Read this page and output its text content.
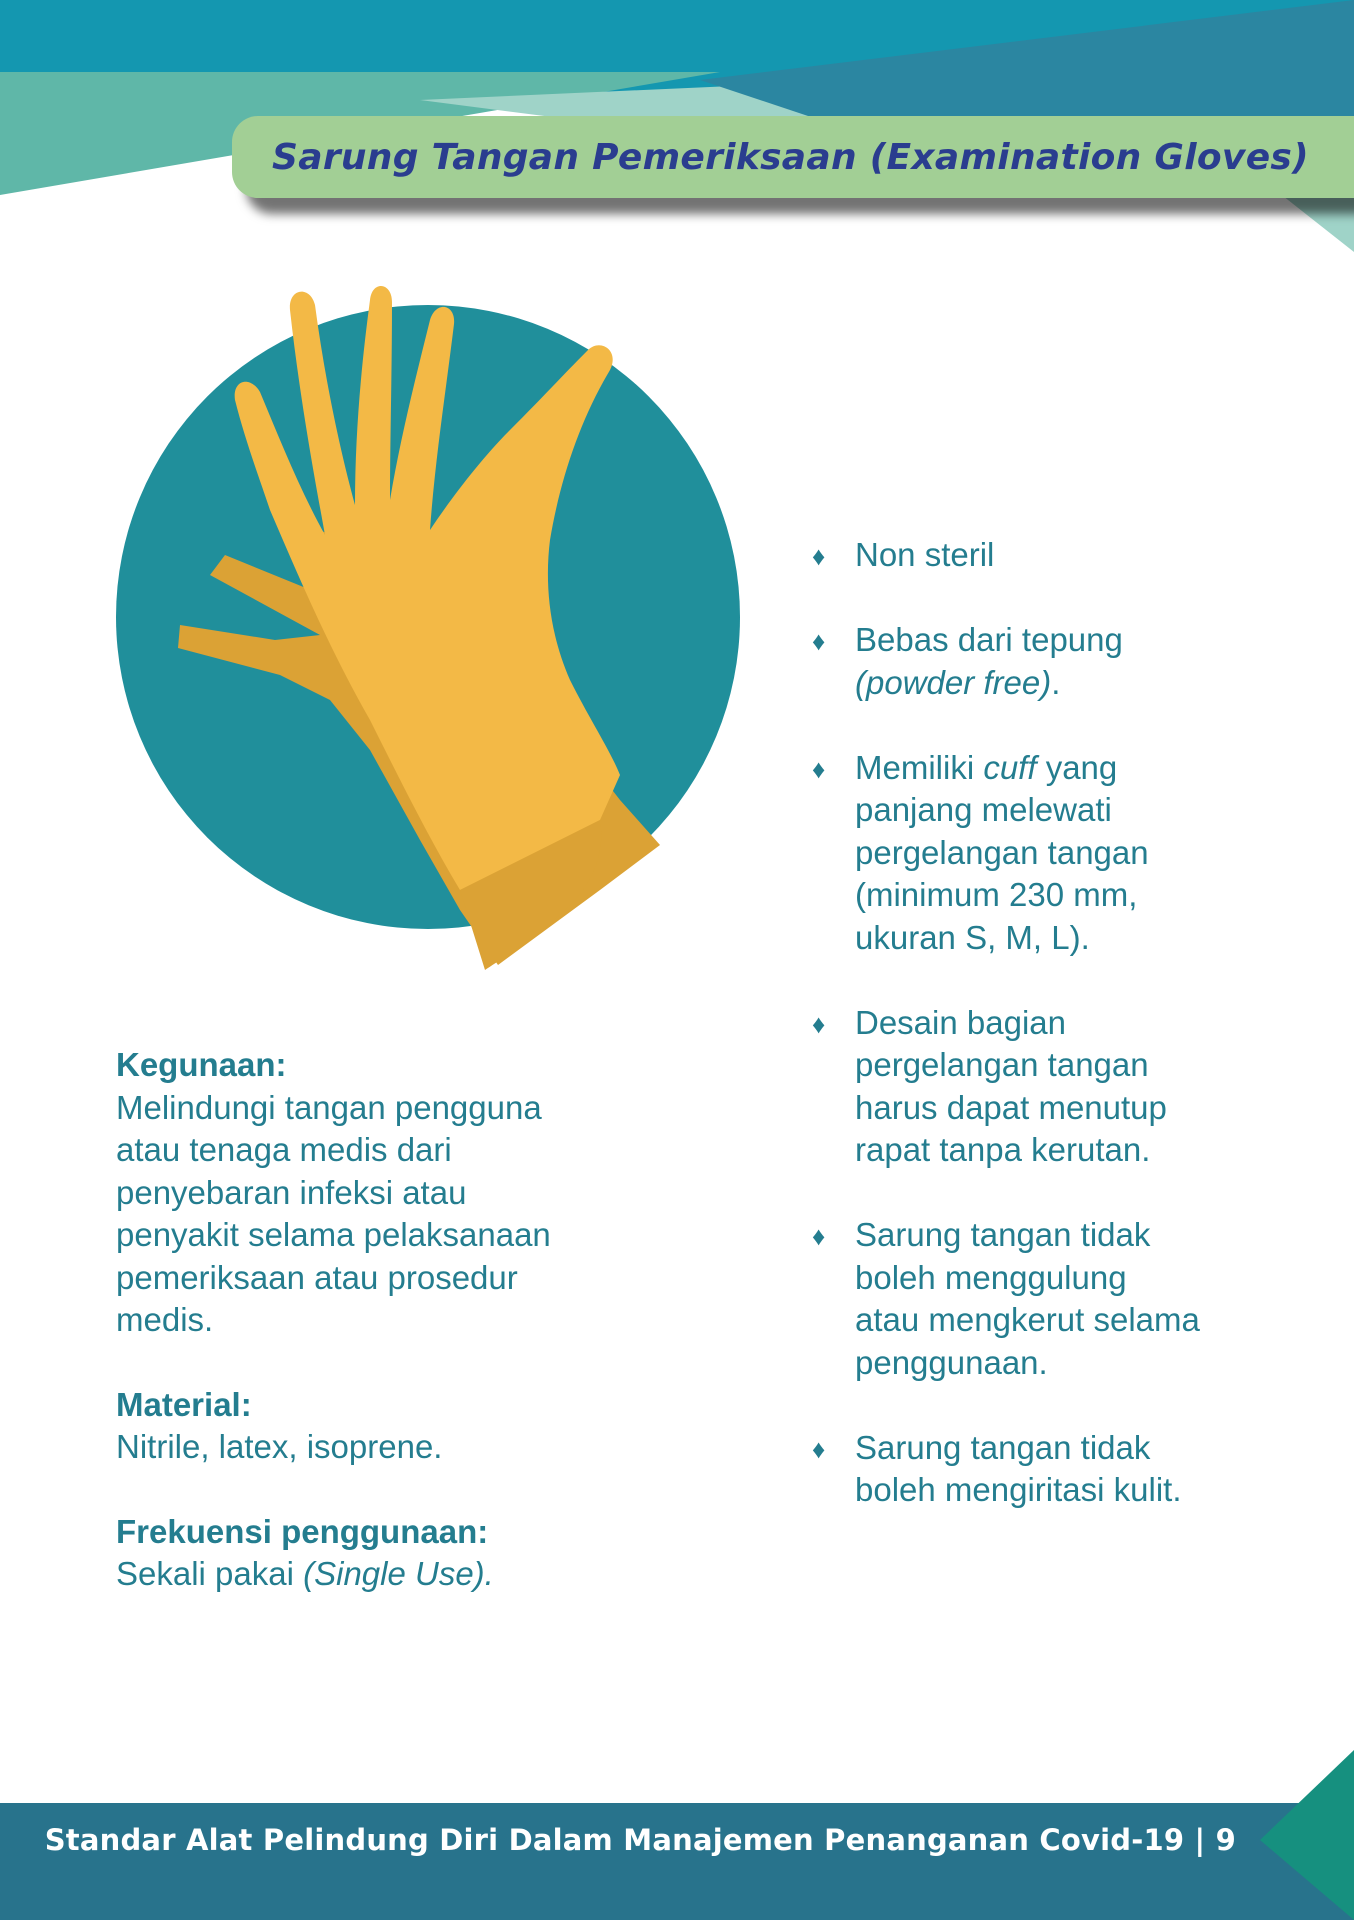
Sarung Tangan Pemeriksaan (Examination Gloves)
Kegunaan:
Melindungi tangan pengguna
atau tenaga medis dari
penyebaran infeksi atau
penyakit selama pelaksanaan
pemeriksaan atau prosedur
medis.
Material:
Nitrile, latex, isoprene.
Frekuensi penggunaan:
Sekali pakai (Single Use).
♦ Non steril
♦ Bebas dari tepung
(powder free).
♦ Memiliki cuff yang
panjang melewati
pergelangan tangan
(minimum 230 mm,
ukuran S, M, L).
♦ Desain bagian
pergelangan tangan
harus dapat menutup
rapat tanpa kerutan.
♦ Sarung tangan tidak
boleh menggulung
atau mengkerut selama
penggunaan.
♦ Sarung tangan tidak
boleh mengiritasi kulit.
Standar Alat Pelindung Diri Dalam Manajemen Penanganan Covid-19 | 9
